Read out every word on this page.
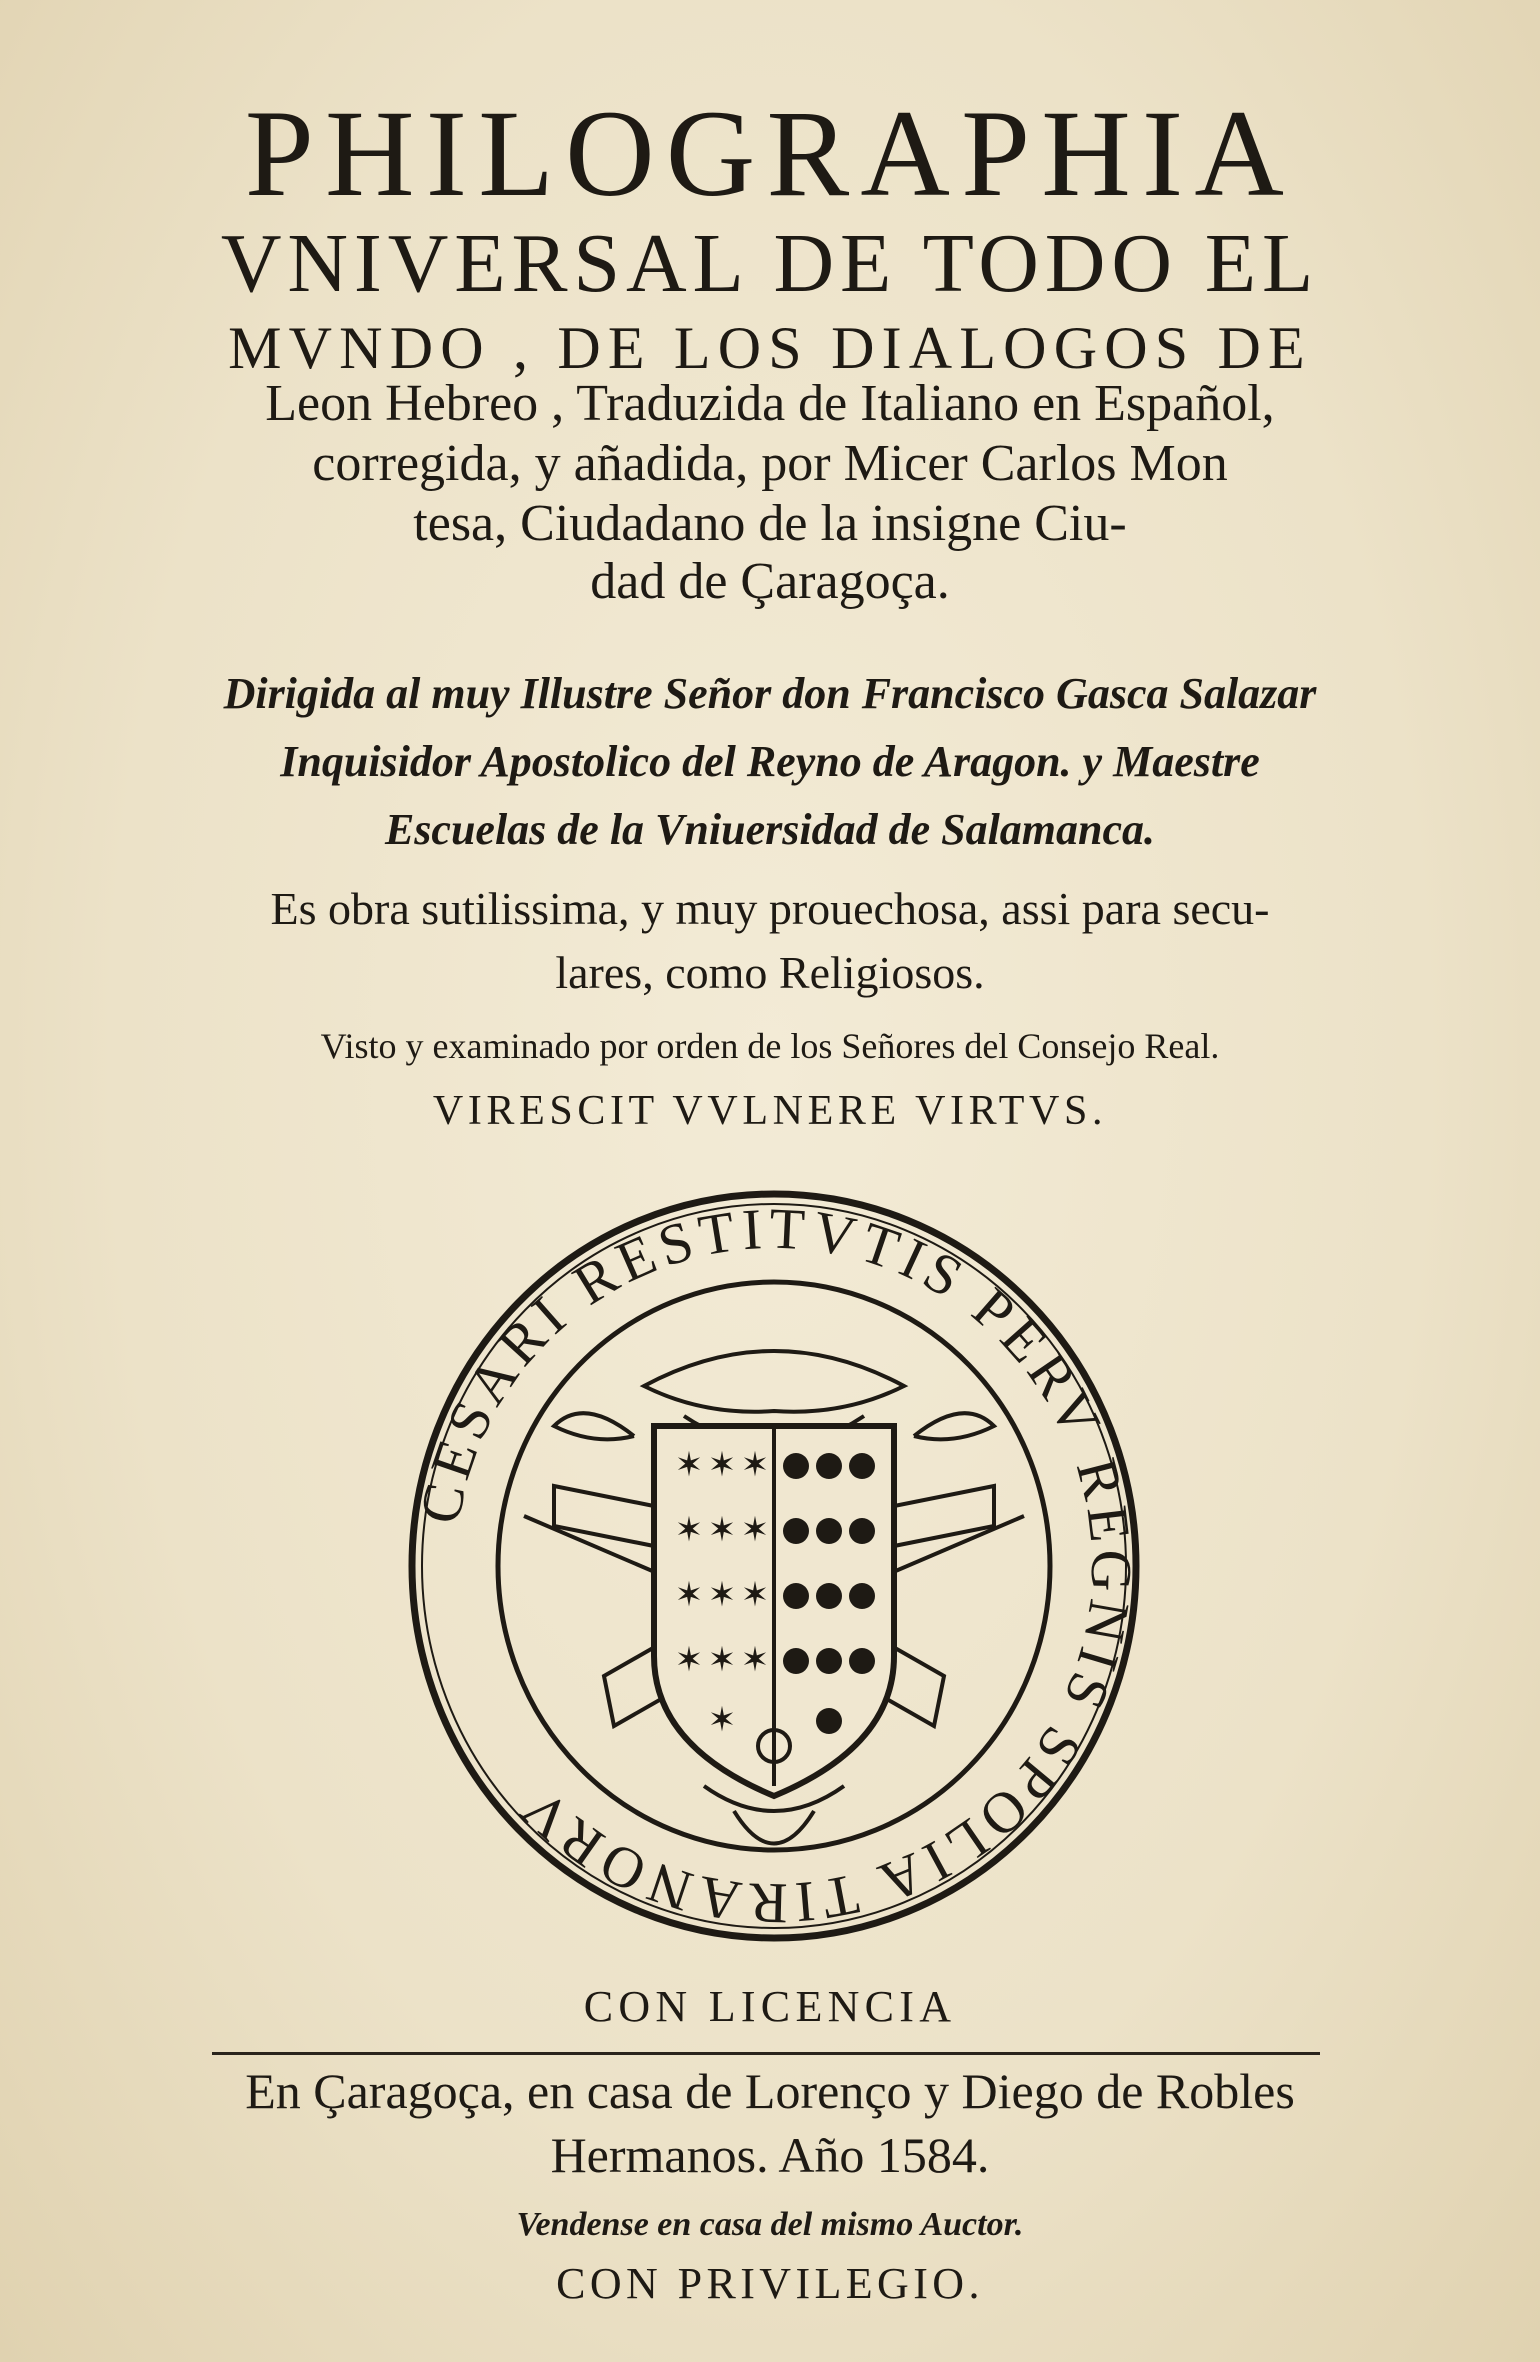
PHILOGRAPHIA
VNIVERSAL DE TODO EL
MVNDO , DE LOS DIALOGOS DE
Leon Hebreo , Traduzida de Italiano en Español,
corregida, y añadida, por Micer Carlos Mon
tesa, Ciudadano de la insigne Ciu-
dad de Çaragoça.
Dirigida al muy Illustre Señor don Francisco Gasca Salazar
Inquisidor Apostolico del Reyno de Aragon. y Maestre
Escuelas de la Vniuersidad de Salamanca.
Es obra sutilissima, y muy prouechosa, assi para secu-
lares, como Religiosos.
Visto y examinado por orden de los Señores del Consejo Real.
VIRESCIT VVLNERE VIRTVS.
CESARI RESTITVTIS PERV REGNIS SPOLIA TIRANORV
✶ ✶ ✶
✶ ✶ ✶
✶ ✶ ✶
✶ ✶ ✶
✶
CON LICENCIA
En Çaragoça, en casa de Lorenço y Diego de Robles
Hermanos. Año 1584.
Vendense en casa del mismo Auctor.
CON PRIVILEGIO.
